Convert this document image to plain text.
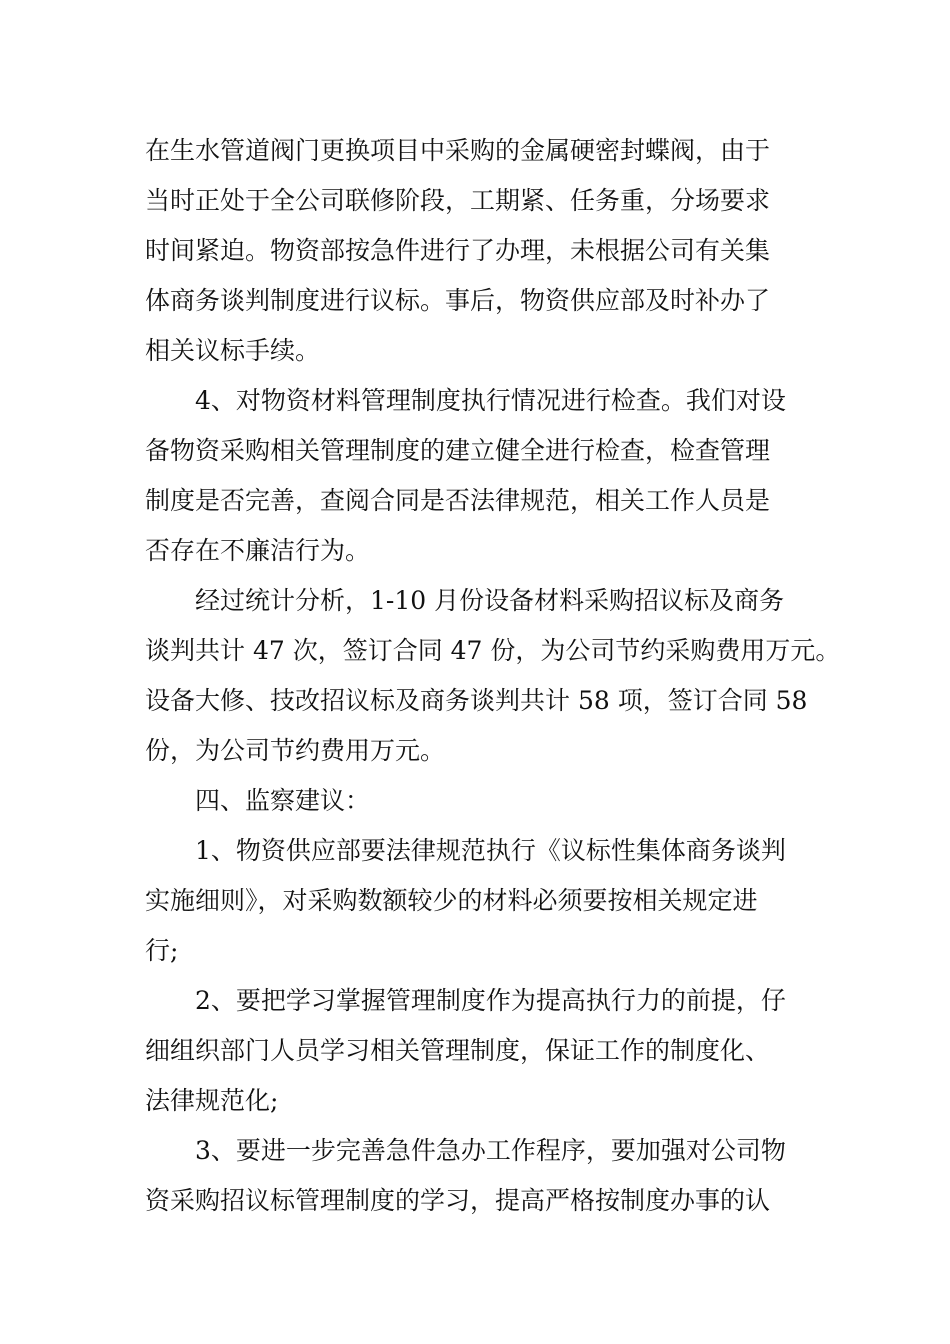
在生水管道阀门更换项目中采购的金属硬密封蝶阀，由于
当时正处于全公司联修阶段，工期紧、任务重，分场要求
时间紧迫。物资部按急件进行了办理，未根据公司有关集
体商务谈判制度进行议标。事后，物资供应部及时补办了
相关议标手续。
4、对物资材料管理制度执行情况进行检查。我们对设
备物资采购相关管理制度的建立健全进行检查，检查管理
制度是否完善，查阅合同是否法律规范，相关工作人员是
否存在不廉洁行为。
经过统计分析，1-10 月份设备材料采购招议标及商务
谈判共计 47 次，签订合同 47 份，为公司节约采购费用万元。
设备大修、技改招议标及商务谈判共计 58 项，签订合同 58
份，为公司节约费用万元。
四、监察建议：
1、物资供应部要法律规范执行《议标性集体商务谈判
实施细则》，对采购数额较少的材料必须要按相关规定进
行;
2、要把学习掌握管理制度作为提高执行力的前提，仔
细组织部门人员学习相关管理制度，保证工作的制度化、
法律规范化;
3、要进一步完善急件急办工作程序，要加强对公司物
资采购招议标管理制度的学习，提高严格按制度办事的认
